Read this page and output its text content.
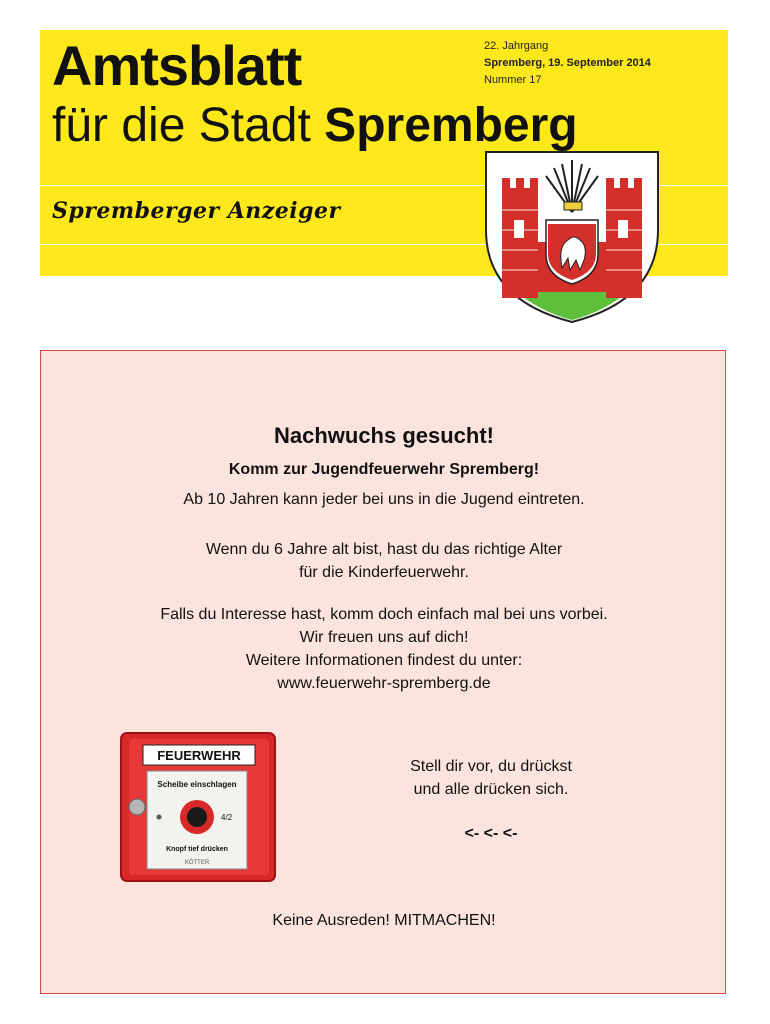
Amtsblatt
für die Stadt Spremberg
22. Jahrgang
Spremberg, 19. September 2014
Nummer 17
Spremberger Anzeiger
Nachwuchs gesucht!
Komm zur Jugendfeuerwehr Spremberg!
Ab 10 Jahren kann jeder bei uns in die Jugend eintreten.
Wenn du 6 Jahre alt bist, hast du das richtige Alter
für die Kinderfeuerwehr.
Falls du Interesse hast, komm doch einfach mal bei uns vorbei.
Wir freuen uns auf dich!
Weitere Informationen findest du unter:
www.feuerwehr-spremberg.de
FEUERWEHR
Scheibe einschlagen
4/2
Knopf tief drücken
KÖTTER
Stell dir vor, du drückst
und alle drücken sich.
<- <- <-
Keine Ausreden! MITMACHEN!
